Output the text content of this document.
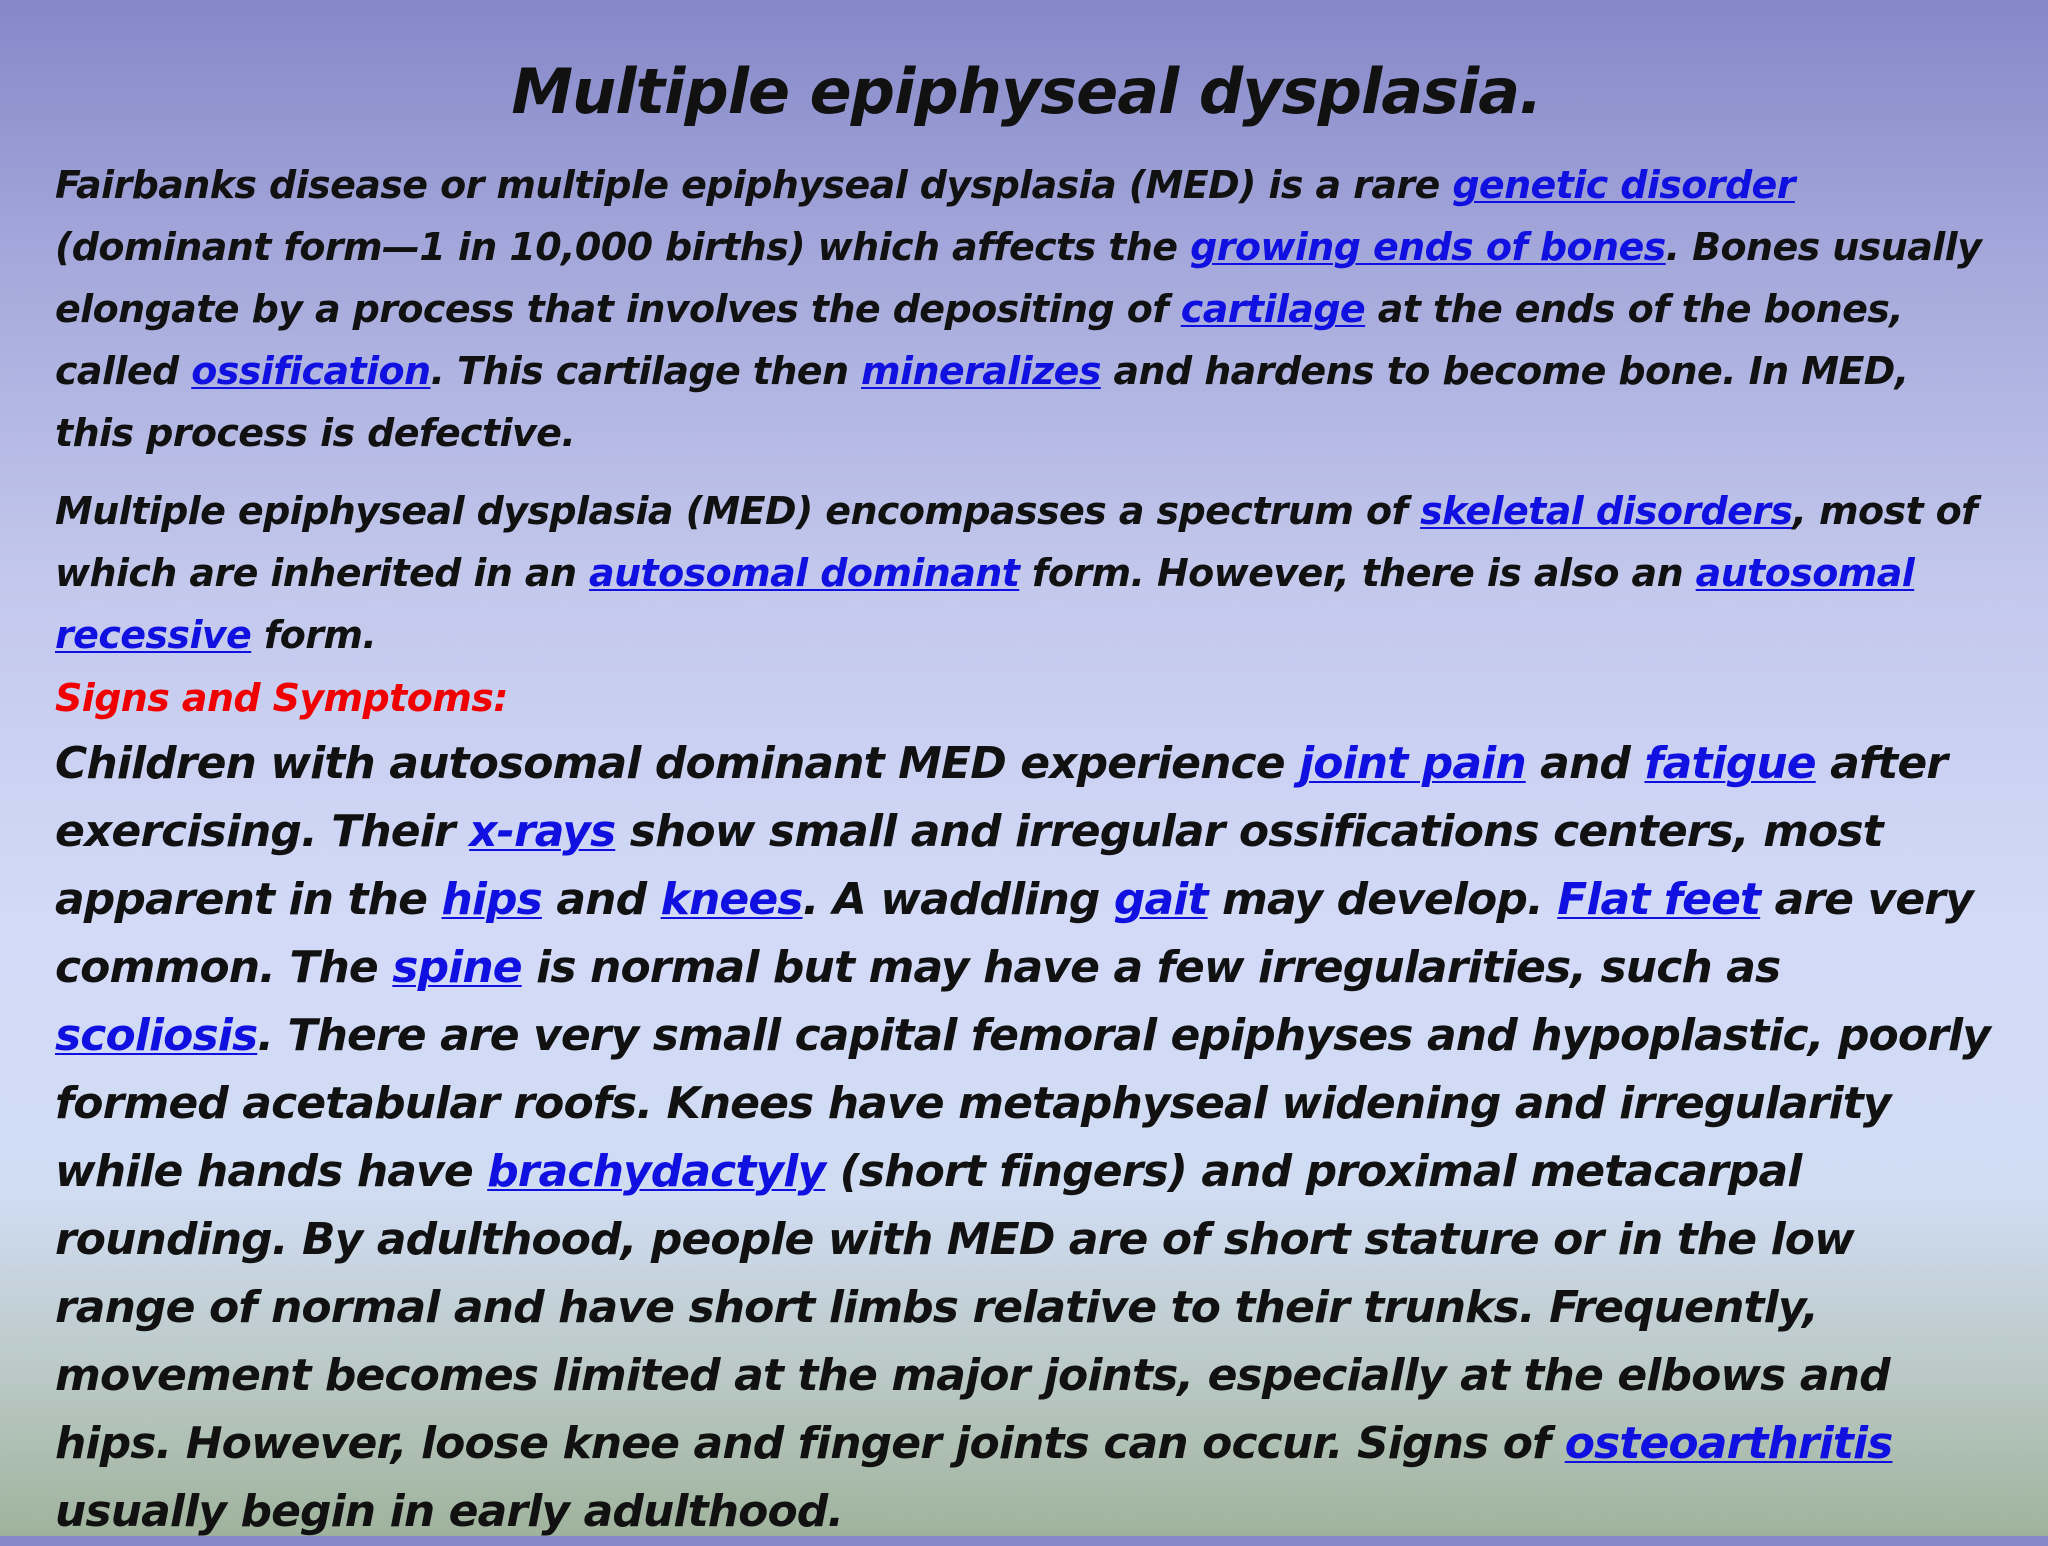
Multiple epiphyseal dysplasia.

Fairbanks disease or multiple epiphyseal dysplasia (MED) is a rare genetic disorder (dominant form—1 in 10,000 births) which affects the growing ends of bones. Bones usually elongate by a process that involves the depositing of cartilage at the ends of the bones, called ossification. This cartilage then mineralizes and hardens to become bone. In MED, this process is defective.

Multiple epiphyseal dysplasia (MED) encompasses a spectrum of skeletal disorders, most of which are inherited in an autosomal dominant form. However, there is also an autosomal recessive form.

Signs and Symptoms:

Children with autosomal dominant MED experience joint pain and fatigue after exercising. Their x-rays show small and irregular ossifications centers, most apparent in the hips and knees. A waddling gait may develop. Flat feet are very common. The spine is normal but may have a few irregularities, such as scoliosis. There are very small capital femoral epiphyses and hypoplastic, poorly formed acetabular roofs. Knees have metaphyseal widening and irregularity while hands have brachydactyly (short fingers) and proximal metacarpal rounding. By adulthood, people with MED are of short stature or in the low range of normal and have short limbs relative to their trunks. Frequently, movement becomes limited at the major joints, especially at the elbows and hips. However, loose knee and finger joints can occur. Signs of osteoarthritis usually begin in early adulthood.
